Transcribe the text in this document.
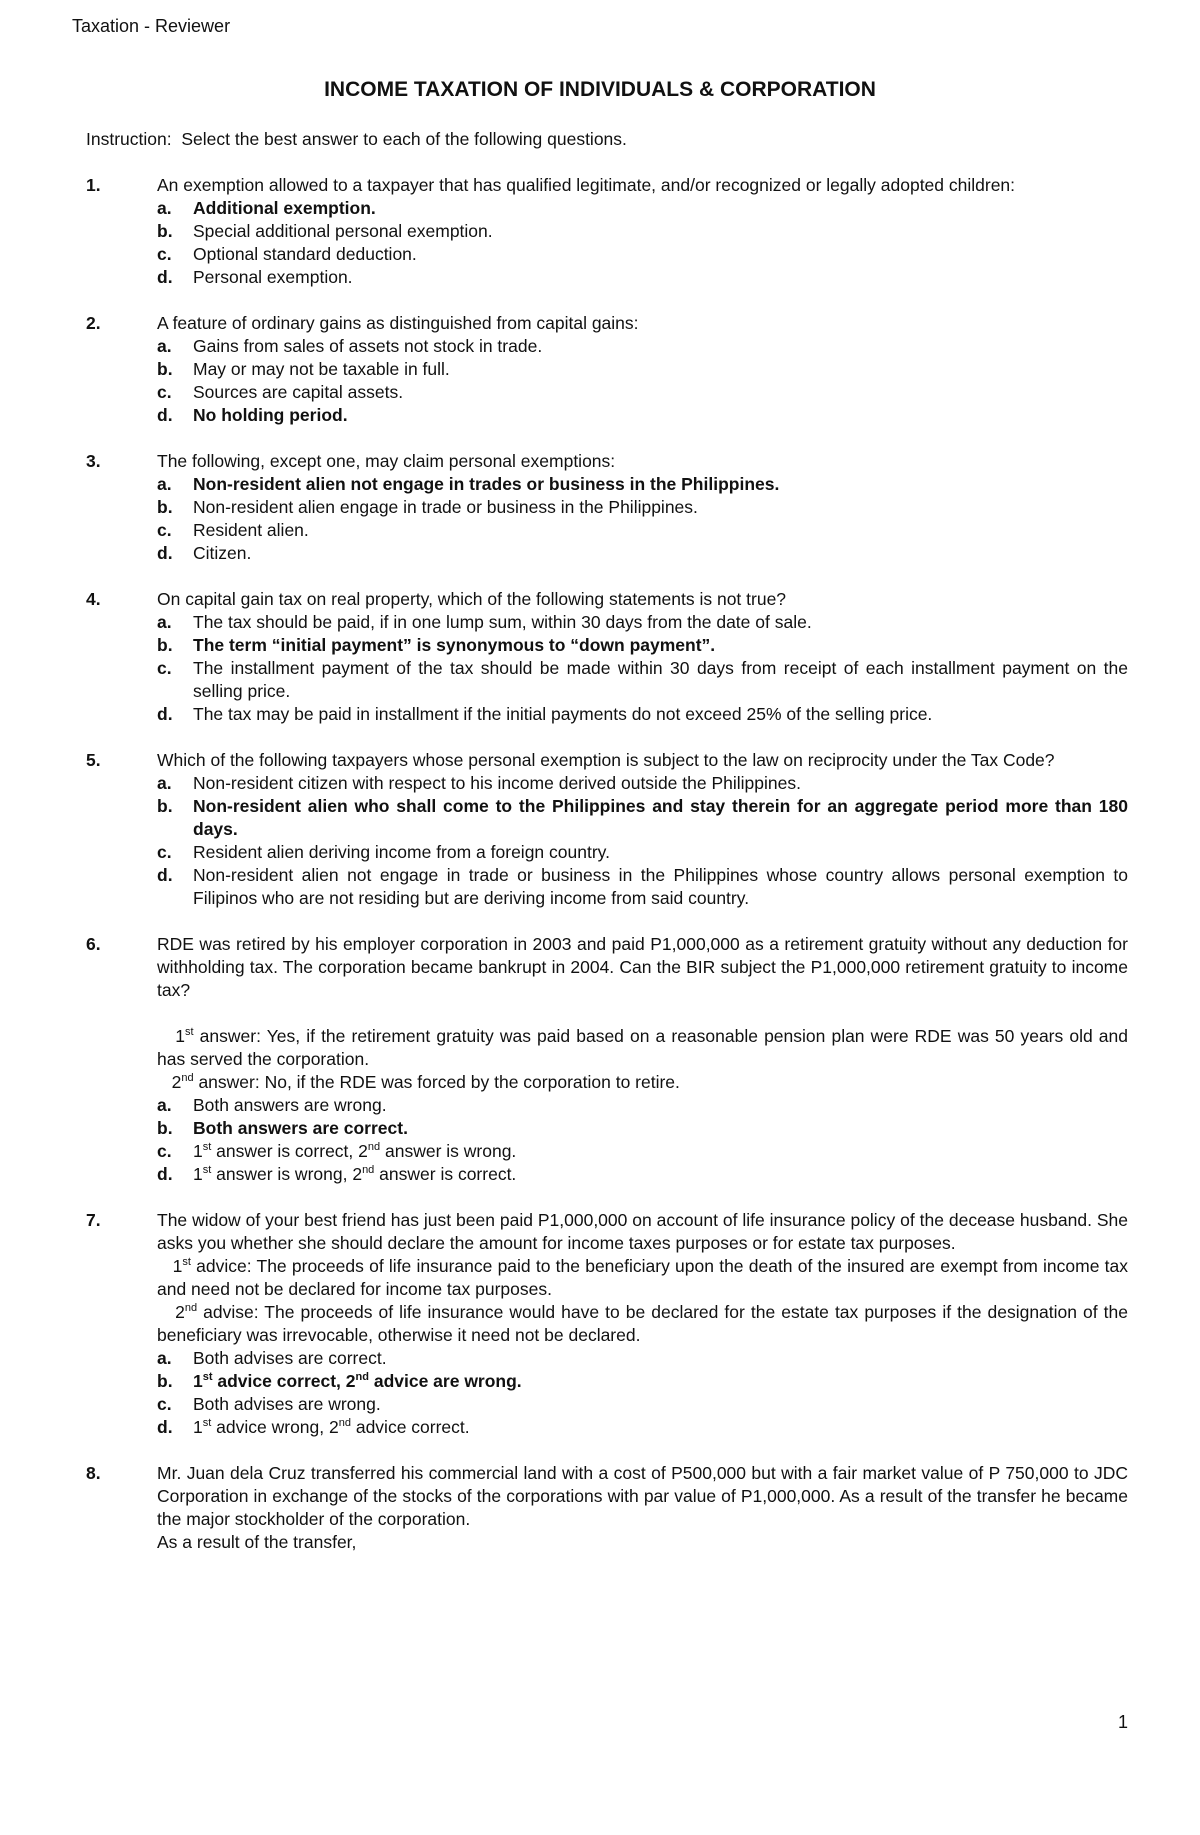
Taxation - Reviewer
INCOME TAXATION OF INDIVIDUALS & CORPORATION
Instruction: Select the best answer to each of the following questions.
1.	An exemption allowed to a taxpayer that has qualified legitimate, and/or recognized or legally adopted children:
a. Additional exemption.
b. Special additional personal exemption.
c. Optional standard deduction.
d. Personal exemption.
2.	A feature of ordinary gains as distinguished from capital gains:
a. Gains from sales of assets not stock in trade.
b. May or may not be taxable in full.
c. Sources are capital assets.
d. No holding period.
3.	The following, except one, may claim personal exemptions:
a. Non-resident alien not engage in trades or business in the Philippines.
b. Non-resident alien engage in trade or business in the Philippines.
c. Resident alien.
d. Citizen.
4.	On capital gain tax on real property, which of the following statements is not true?
a. The tax should be paid, if in one lump sum, within 30 days from the date of sale.
b. The term “initial payment” is synonymous to “down payment”.
c. The installment payment of the tax should be made within 30 days from receipt of each installment payment on the selling price.
d. The tax may be paid in installment if the initial payments do not exceed 25% of the selling price.
5.	Which of the following taxpayers whose personal exemption is subject to the law on reciprocity under the Tax Code?
a. Non-resident citizen with respect to his income derived outside the Philippines.
b. Non-resident alien who shall come to the Philippines and stay therein for an aggregate period more than 180 days.
c. Resident alien deriving income from a foreign country.
d. Non-resident alien not engage in trade or business in the Philippines whose country allows personal exemption to Filipinos who are not residing but are deriving income from said country.
6.	RDE was retired by his employer corporation in 2003 and paid P1,000,000 as a retirement gratuity without any deduction for withholding tax. The corporation became bankrupt in 2004. Can the BIR subject the P1,000,000 retirement gratuity to income tax?
1st answer: Yes, if the retirement gratuity was paid based on a reasonable pension plan were RDE was 50 years old and has served the corporation.
2nd answer: No, if the RDE was forced by the corporation to retire.
a. Both answers are wrong.
b. Both answers are correct.
c. 1st answer is correct, 2nd answer is wrong.
d. 1st answer is wrong, 2nd answer is correct.
7.	The widow of your best friend has just been paid P1,000,000 on account of life insurance policy of the decease husband. She asks you whether she should declare the amount for income taxes purposes or for estate tax purposes.
1st advice: The proceeds of life insurance paid to the beneficiary upon the death of the insured are exempt from income tax and need not be declared for income tax purposes.
2nd advise: The proceeds of life insurance would have to be declared for the estate tax purposes if the designation of the beneficiary was irrevocable, otherwise it need not be declared.
a. Both advises are correct.
b. 1st advice correct, 2nd advice are wrong.
c. Both advises are wrong.
d. 1st advice wrong, 2nd advice correct.
8.	Mr. Juan dela Cruz transferred his commercial land with a cost of P500,000 but with a fair market value of P 750,000 to JDC Corporation in exchange of the stocks of the corporations with par value of P1,000,000. As a result of the transfer he became the major stockholder of the corporation.
As a result of the transfer,
1
